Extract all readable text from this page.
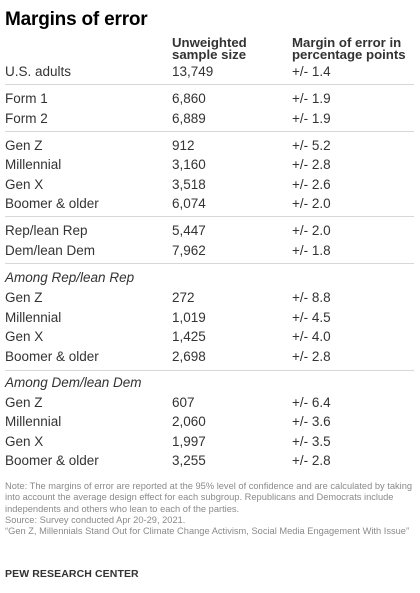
Margins of error
Unweighted
sample size
Margin of error in
percentage points
U.S. adults	13,749	+/- 1.4
Form 1	6,860	+/- 1.9
Form 2	6,889	+/- 1.9
Gen Z	912	+/- 5.2
Millennial	3,160	+/- 2.8
Gen X	3,518	+/- 2.6
Boomer & older	6,074	+/- 2.0
Rep/lean Rep	5,447	+/- 2.0
Dem/lean Dem	7,962	+/- 1.8
Among Rep/lean Rep
Gen Z	272	+/- 8.8
Millennial	1,019	+/- 4.5
Gen X	1,425	+/- 4.0
Boomer & older	2,698	+/- 2.8
Among Dem/lean Dem
Gen Z	607	+/- 6.4
Millennial	2,060	+/- 3.6
Gen X	1,997	+/- 3.5
Boomer & older	3,255	+/- 2.8
Note: The margins of error are reported at the 95% level of confidence and are calculated by taking into account the average design effect for each subgroup. Republicans and Democrats include independents and others who lean to each of the parties.
Source: Survey conducted Apr 20-29, 2021.
“Gen Z, Millennials Stand Out for Climate Change Activism, Social Media Engagement With Issue”
PEW RESEARCH CENTER
